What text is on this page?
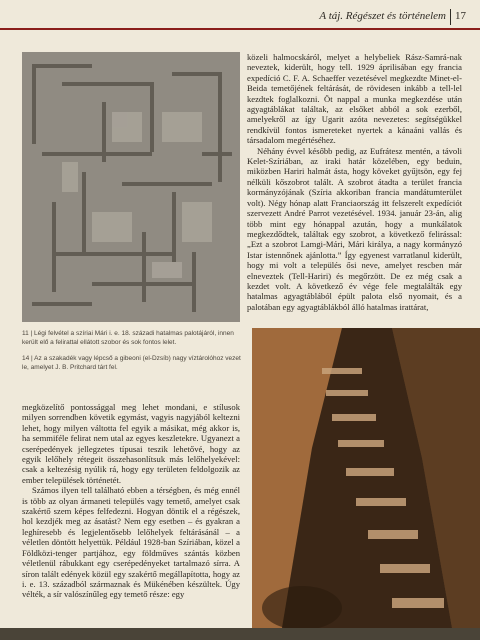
A táj. Régészet és történelem 17
11 | Légi felvétel a szíriai Mári i. e. 18. századi hatalmas palotájáról, innen került elő a felirattal ellátott szobor és sok fontos lelet.
14 | Az a szakadék vagy lépcső a gibeoni (el-Dzsíb) nagy víztárolóhoz vezet le, amelyet J. B. Pritchard tárt fel.

közeli halmocskáról, melyet a helybeliek Rász-Samrá-nak neveztek, kiderült, hogy tell. 1929 áprilisában egy francia expedíció C. F. A. Schaeffer vezetésével megkezdte Minet-el-Beida temetőjének feltárását, de rövidesen inkább a tell-lel kezdtek foglalkozni. Öt nappal a munka megkezdése után agyagtáblákat találtak, az elsőket abból a sok ezerből, amelyekről az így Ugarit azóta nevezetes: segítségükkel rendkívül fontos ismereteket nyertek a kánaáni vallás és társadalom megértéséhez.

Néhány évvel később pedig, az Eufrátesz mentén, a távoli Kelet-Szíriában, az iraki határ közelében, egy beduin, miközben Hariri halmát ásta, hogy köveket gyűjtsön, egy fej nélküli kőszobrot talált. A szobrot átadta a terület francia kormányzójának (Szíria akkoriban francia mandátumterület volt). Négy hónap alatt Franciaország itt felszerelt expedíciót szervezett André Parrot vezetésével. 1934. január 23-án, alig több mint egy hónappal azután, hogy a munkálatok megkezdődtek, találtak egy szobrot, a következő felirással: „Ezt a szobrot Lamgi-Mári, Mári királya, a nagy kormányzó Istar istennőnek ajánlotta.” Így egyenest varratlanul kiderült, hogy mi volt a település ősi neve, amelyet rescben már elneveztek (Tell-Hariri) és megőrzött. De ez még csak a kezdet volt. A következő év vége fele megtalálták egy hatalmas agyagtáblából épült palota első nyomait, és a palotában egy agyagtáblákból álló hatalmas irattárat,

megközelítő pontossággal meg lehet mondani, e stílusok milyen sorrendben követik egymást, vagyis nagyjából keltezni lehet, hogy milyen váltotta fel egyik a másikat, még akkor is, ha semmiféle felirat nem utal az egyes keszletekre. Ugyanezt a cserépedények jellegzetes típusai teszik lehetővé, hogy az egyik lelőhely rétegeit összehasonlítsuk más lelőhelyekével: csak a keltezésig nyúlik rá, hogy egy területen feldolgozik az ember települések történetét.

Számos ilyen tell található ebben a térségben, és még ennél is több az olyan ármaneti település vagy temető, amelyet csak szakértő szem képes felfedezni. Hogyan döntik el a régészek, hol kezdjék meg az ásatást? Nem egy esetben – és gyakran a leghíresebb és legjelentősebb lelőhelyek feltárásánál – a véletlen döntött helyettük. Például 1928-ban Szíriában, közel a Földközi-tenger partjához, egy földműves szántás közben véletlenül rábukkant egy cserépedényeket tartalmazó sírra. A síron talált edények közül egy szakértő megállapította, hogy az i. e. 13. századból származnak és Mükénében készültek. Úgy vélték, a sír valószínűleg egy temető része: egy
